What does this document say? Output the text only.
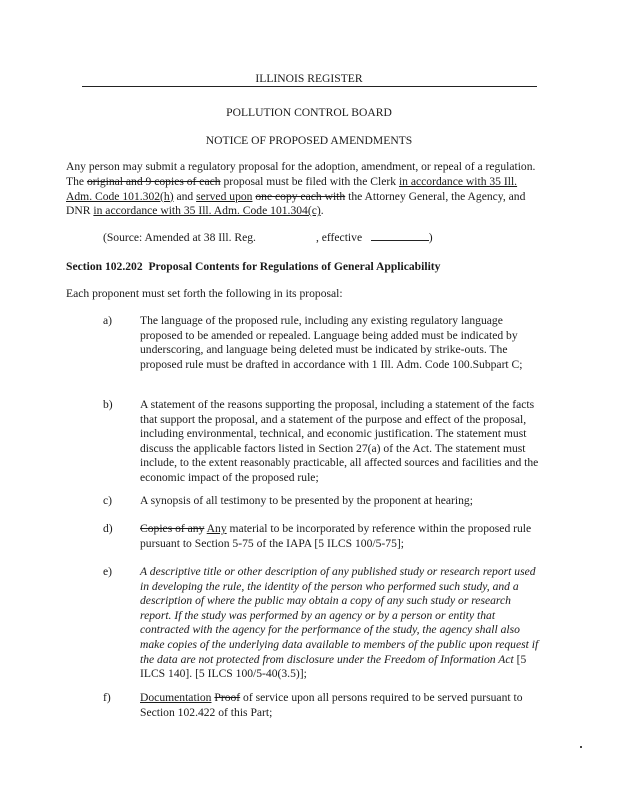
ILLINOIS REGISTER
POLLUTION CONTROL BOARD
NOTICE OF PROPOSED AMENDMENTS
Any person may submit a regulatory proposal for the adoption, amendment, or repeal of a regulation. The original and 9 copies of each proposal must be filed with the Clerk in accordance with 35 Ill. Adm. Code 101.302(h) and served upon one copy each with the Attorney General, the Agency, and DNR in accordance with 35 Ill. Adm. Code 101.304(c).
(Source: Amended at 38 Ill. Reg.	, effective	)
Section 102.202 Proposal Contents for Regulations of General Applicability
Each proponent must set forth the following in its proposal:
a) The language of the proposed rule, including any existing regulatory language proposed to be amended or repealed. Language being added must be indicated by underscoring, and language being deleted must be indicated by strike-outs. The proposed rule must be drafted in accordance with 1 Ill. Adm. Code 100.Subpart C;
b) A statement of the reasons supporting the proposal, including a statement of the facts that support the proposal, and a statement of the purpose and effect of the proposal, including environmental, technical, and economic justification. The statement must discuss the applicable factors listed in Section 27(a) of the Act. The statement must include, to the extent reasonably practicable, all affected sources and facilities and the economic impact of the proposed rule;
c) A synopsis of all testimony to be presented by the proponent at hearing;
d) Copies of any Any material to be incorporated by reference within the proposed rule pursuant to Section 5-75 of the IAPA [5 ILCS 100/5-75];
e) A descriptive title or other description of any published study or research report used in developing the rule, the identity of the person who performed such study, and a description of where the public may obtain a copy of any such study or research report. If the study was performed by an agency or by a person or entity that contracted with the agency for the performance of the study, the agency shall also make copies of the underlying data available to members of the public upon request if the data are not protected from disclosure under the Freedom of Information Act [5 ILCS 140]. [5 ILCS 100/5-40(3.5)];
f)	Documentation Proof of service upon all persons required to be served pursuant to Section 102.422 of this Part;
